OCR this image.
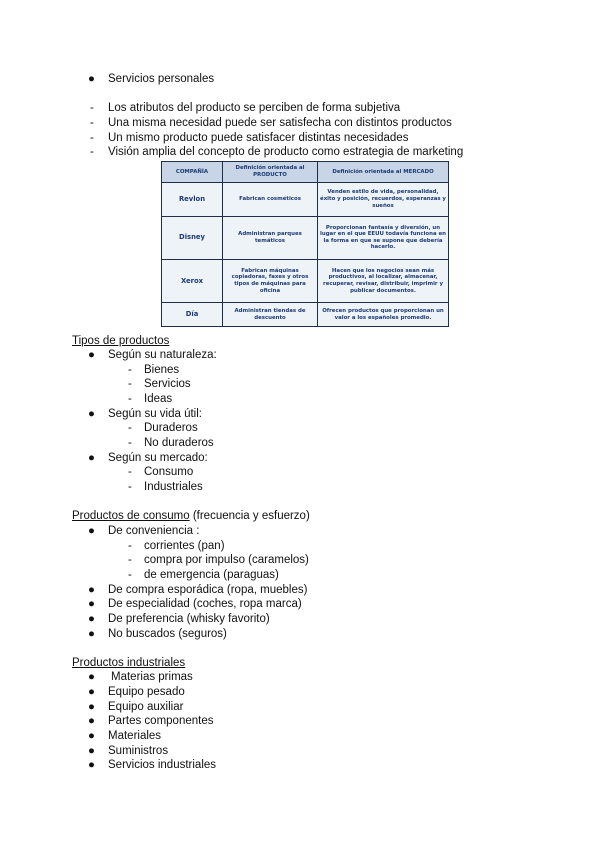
● Servicios personales
- Los atributos del producto se perciben de forma subjetiva
- Una misma necesidad puede ser satisfecha con distintos productos
- Un mismo producto puede satisfacer distintas necesidades
- Visión amplia del concepto de producto como estrategia de marketing
COMPAÑÍA	Definición orientada al PRODUCTO	Definición orientada al MERCADO
Revlon	Fabrican cosméticos	Venden estilo de vida, personalidad, éxito y posición, recuerdos, esperanzas y sueños
Disney	Administran parques temáticos	Proporcionan fantasía y diversión, un lugar en el que EEUU todavía funciona en la forma en que se supone que debería hacerlo.
Xerox	Fabrican máquinas copiadoras, faxes y otros tipos de máquinas para oficina	Hacen que los negocios sean más productivos, al localizar, almacenar, recuperar, revisar, distribuir, imprimir y publicar documentos.
Día	Administran tiendas de descuento	Ofrecen productos que proporcionan un valor a los españoles promedio.
Tipos de productos
● Según su naturaleza:
- Bienes
- Servicios
- Ideas
● Según su vida útil:
- Duraderos
- No duraderos
● Según su mercado:
- Consumo
- Industriales
Productos de consumo (frecuencia y esfuerzo)
● De conveniencia :
- corrientes (pan)
- compra por impulso (caramelos)
- de emergencia (paraguas)
● De compra esporádica (ropa, muebles)
● De especialidad (coches, ropa marca)
● De preferencia (whisky favorito)
● No buscados (seguros)
Productos industriales
● Materias primas
● Equipo pesado
● Equipo auxiliar
● Partes componentes
● Materiales
● Suministros
● Servicios industriales
